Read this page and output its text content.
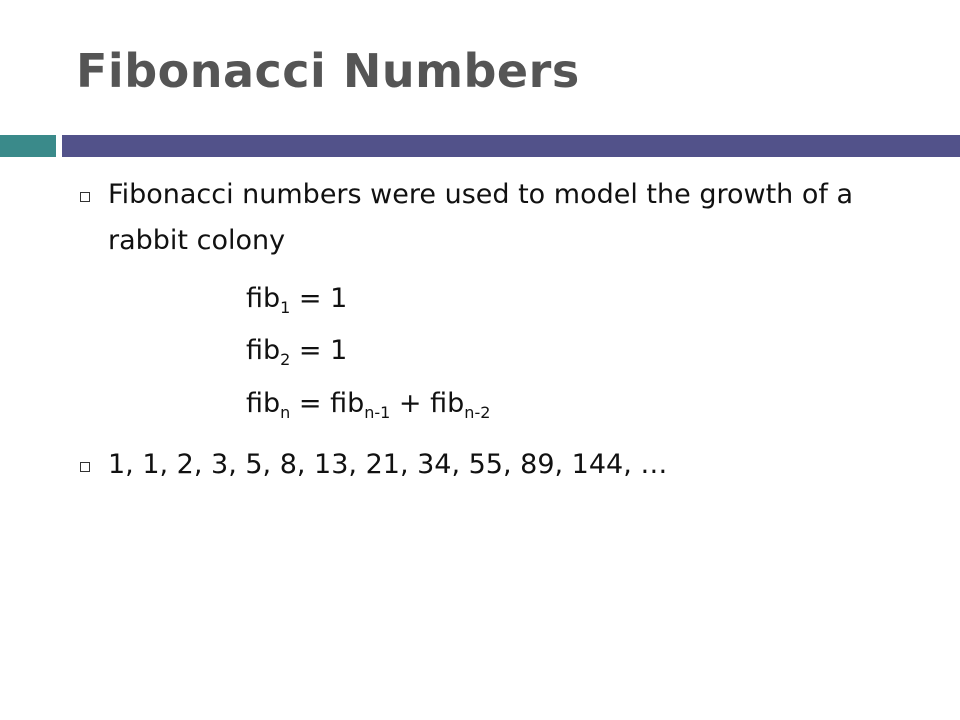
Fibonacci Numbers
Fibonacci numbers were used to model the growth of a rabbit colony
fib$_1$ = 1
fib$_2$ = 1
fib$_n$ = fib$_{n-1}$ + fib$_{n-2}$
1, 1, 2, 3, 5, 8, 13, 21, 34, 55, 89, 144, …
